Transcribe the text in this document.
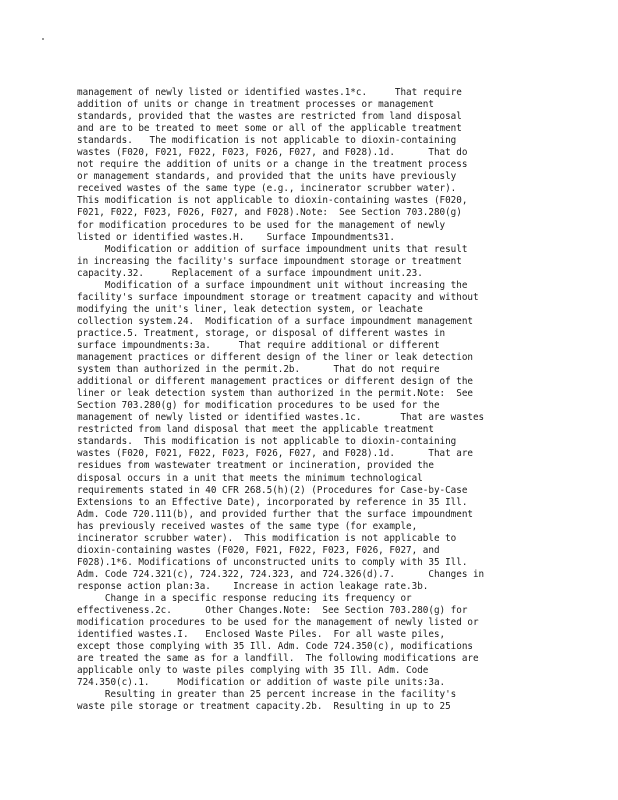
management of newly listed or identified wastes.1*c.     That require
addition of units or change in treatment processes or management
standards, provided that the wastes are restricted from land disposal
and are to be treated to meet some or all of the applicable treatment
standards.   The modification is not applicable to dioxin-containing
wastes (F020, F021, F022, F023, F026, F027, and F028).1d.      That do
not require the addition of units or a change in the treatment process
or management standards, and provided that the units have previously
received wastes of the same type (e.g., incinerator scrubber water).
This modification is not applicable to dioxin-containing wastes (F020,
F021, F022, F023, F026, F027, and F028).Note:  See Section 703.280(g)
for modification procedures to be used for the management of newly
listed or identified wastes.H.    Surface Impoundments31.
Modification or addition of surface impoundment units that result
in increasing the facility's surface impoundment storage or treatment
capacity.32.     Replacement of a surface impoundment unit.23.
Modification of a surface impoundment unit without increasing the
facility's surface impoundment storage or treatment capacity and without
modifying the unit's liner, leak detection system, or leachate
collection system.24.  Modification of a surface impoundment management
practice.5. Treatment, storage, or disposal of different wastes in
surface impoundments:3a.     That require additional or different
management practices or different design of the liner or leak detection
system than authorized in the permit.2b.      That do not require
additional or different management practices or different design of the
liner or leak detection system than authorized in the permit.Note:  See
Section 703.280(g) for modification procedures to be used for the
management of newly listed or identified wastes.1c.       That are wastes
restricted from land disposal that meet the applicable treatment
standards.  This modification is not applicable to dioxin-containing
wastes (F020, F021, F022, F023, F026, F027, and F028).1d.      That are
residues from wastewater treatment or incineration, provided the
disposal occurs in a unit that meets the minimum technological
requirements stated in 40 CFR 268.5(h)(2) (Procedures for Case-by-Case
Extensions to an Effective Date), incorporated by reference in 35 Ill.
Adm. Code 720.111(b), and provided further that the surface impoundment
has previously received wastes of the same type (for example,
incinerator scrubber water).  This modification is not applicable to
dioxin-containing wastes (F020, F021, F022, F023, F026, F027, and
F028).1*6. Modifications of unconstructed units to comply with 35 Ill.
Adm. Code 724.321(c), 724.322, 724.323, and 724.326(d).7.      Changes in
response action plan:3a.    Increase in action leakage rate.3b.
Change in a specific response reducing its frequency or
effectiveness.2c.      Other Changes.Note:  See Section 703.280(g) for
modification procedures to be used for the management of newly listed or
identified wastes.I.   Enclosed Waste Piles.  For all waste piles,
except those complying with 35 Ill. Adm. Code 724.350(c), modifications
are treated the same as for a landfill.  The following modifications are
applicable only to waste piles complying with 35 Ill. Adm. Code
724.350(c).1.     Modification or addition of waste pile units:3a.
Resulting in greater than 25 percent increase in the facility's
waste pile storage or treatment capacity.2b.  Resulting in up to 25
